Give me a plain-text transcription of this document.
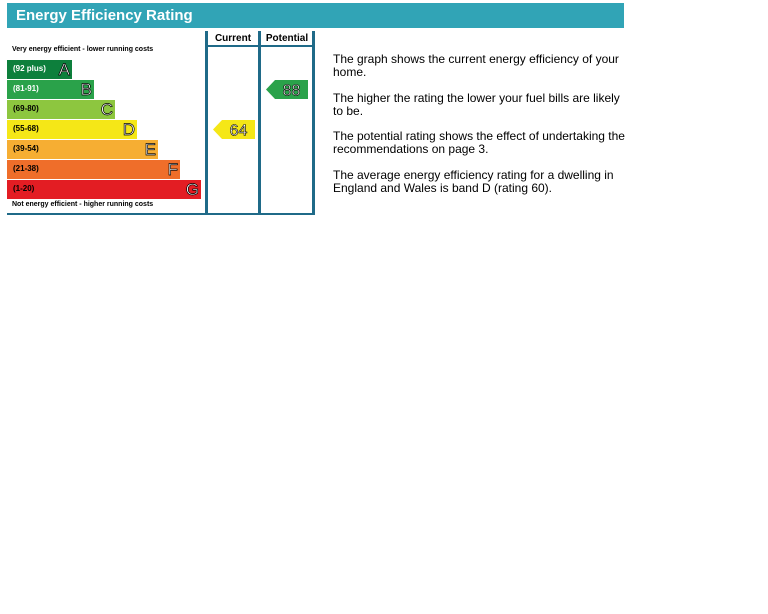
Energy Efficiency Rating
Current	Potential
Very energy efficient - lower running costs
Not energy efficient - higher running costs
(92 plus) A
(81-91) B
(69-80)	C
(55-68)	D
(39-54)	E
(21-38)	F
(1-20)	G
64
88
The graph shows the current energy efficiency of your home.
The higher the rating the lower your fuel bills are likely to be.
The potential rating shows the effect of undertaking the recommendations on page 3.
The average energy efficiency rating for a dwelling in England and Wales is band D (rating 60).
